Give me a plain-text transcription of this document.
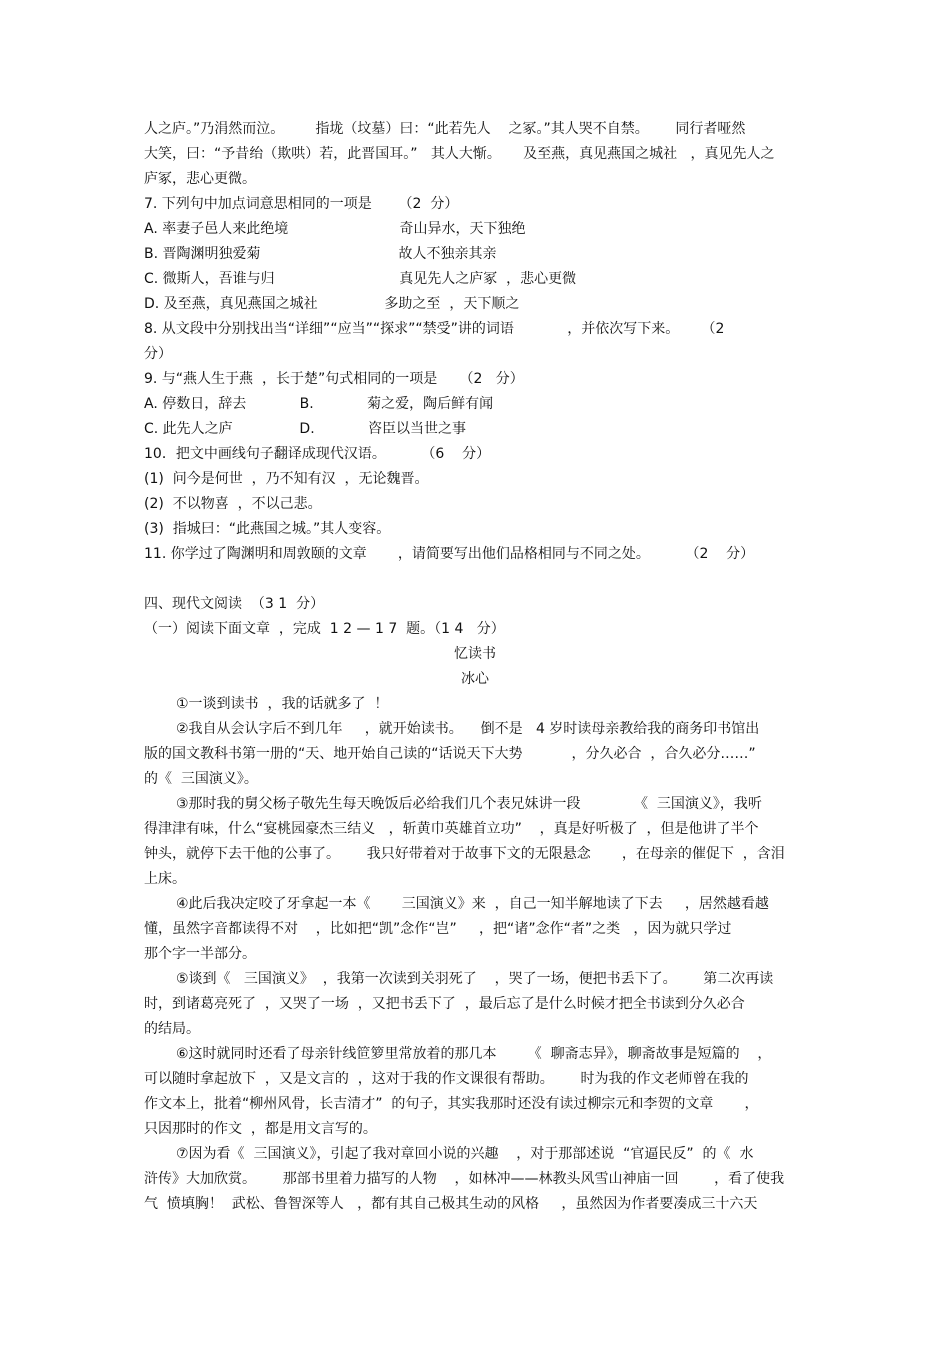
人之庐。”乃涓然而泣。       指垅（坟墓）曰：“此若先人    之冢。”其人哭不自禁。      同行者哑然

大笑，曰：“予昔绐（欺哄）若，此晋国耳。”   其人大惭。     及至燕，真见燕国之城社   ，真见先人之

庐冢，悲心更微。

7. 下列句中加点词意思相同的一项是      （2  分）

A. 率妻子邑人来此绝境                         奇山异水，天下独绝

B. 晋陶渊明独爱菊                               故人不独亲其亲

C. 微斯人，吾谁与归                            真见先人之庐冢  ，悲心更微

D. 及至燕，真见燕国之城社               多助之至  ，天下顺之

8. 从文段中分别找出当“详细”“应当”“探求”“禁受”讲的词语            ，并依次写下来。     （2

分）

9. 与“燕人生于燕  ，长于楚”句式相同的一项是     （2   分）

A. 停数日，辞去            B.            菊之爱，陶后鲜有闻

C. 此先人之庐               D.            咨臣以当世之事

10．把文中画线句子翻译成现代汉语。        （6    分）

(1)  问今是何世  ，乃不知有汉  ，无论魏晋。

(2)  不以物喜  ，不以己悲。

(3)  指城曰：“此燕国之城。”其人变容。

11. 你学过了陶渊明和周敦颐的文章       ，请简要写出他们品格相同与不同之处。        （2    分）

四、现代文阅读  （3 1  分）

（一）阅读下面文章  ，完成  1 2 — 1 7  题。（1 4   分）

忆读书

冰心

①一谈到读书  ，我的话就多了  ！

②我自从会认字后不到几年     ，就开始读书。    倒不是   4 岁时读母亲教给我的商务印书馆出

版的国文教科书第一册的“天、地开始自己读的“话说天下大势           ，分久必合  ，合久必分……”

的《  三国演义》。

③那时我的舅父杨子敬先生每天晚饭后必给我们几个表兄妹讲一段            《  三国演义》，我听

得津津有味，什么“宴桃园豪杰三结义   ，斩黄巾英雄首立功”    ，真是好听极了  ，但是他讲了半个

钟头，就停下去干他的公事了。      我只好带着对于故事下文的无限悬念       ，在母亲的催促下  ，含泪

上床。

④此后我决定咬了牙拿起一本《       三国演义》来  ，自己一知半解地读了下去     ，居然越看越

懂，虽然字音都读得不对    ，比如把“凯”念作“岂”     ，把“诸”念作“者”之类   ，因为就只学过

那个字一半部分。

⑤谈到《   三国演义》  ，我第一次读到关羽死了    ，哭了一场，便把书丢下了。      第二次再读

时，到诸葛亮死了  ，又哭了一场  ，又把书丢下了  ，最后忘了是什么时候才把全书读到分久必合

的结局。

⑥这时就同时还看了母亲针线笸箩里常放着的那几本       《  聊斋志异》，聊斋故事是短篇的    ，

可以随时拿起放下  ，又是文言的  ，这对于我的作文课很有帮助。      时为我的作文老师曾在我的

作文本上，批着“柳州风骨，长吉清才”  的句子，其实我那时还没有读过柳宗元和李贺的文章       ，

只因那时的作文  ，都是用文言写的。

⑦因为看《  三国演义》，引起了我对章回小说的兴趣    ，对于那部述说  “官逼民反”  的《  水

浒传》大加欣赏。      那部书里着力描写的人物    ，如林冲——林教头风雪山神庙一回        ，看了使我

气  愤填胸！  武松、鲁智深等人   ，都有其自己极其生动的风格     ，虽然因为作者要凑成三十六天
